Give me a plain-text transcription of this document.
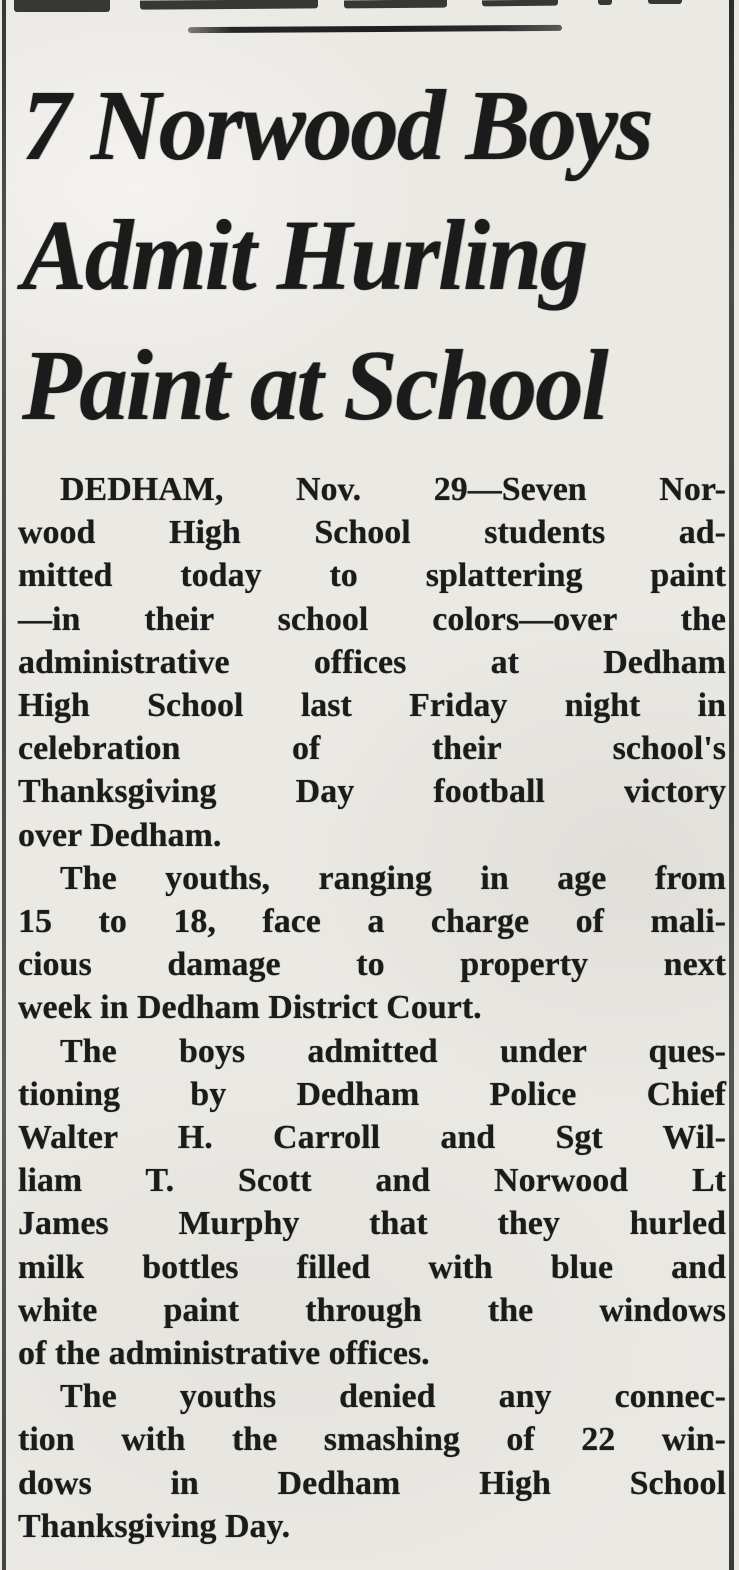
7 Norwood Boys
Admit Hurling
Paint at School
DEDHAM, Nov. 29—Seven Nor-
wood High School students ad-
mitted today to splattering paint
—in their school colors—over the
administrative offices at Dedham
High School last Friday night in
celebration of their school's
Thanksgiving Day football victory
over Dedham.
The youths, ranging in age from
15 to 18, face a charge of mali-
cious damage to property next
week in Dedham District Court.
The boys admitted under ques-
tioning by Dedham Police Chief
Walter H. Carroll and Sgt Wil-
liam T. Scott and Norwood Lt
James Murphy that they hurled
milk bottles filled with blue and
white paint through the windows
of the administrative offices.
The youths denied any connec-
tion with the smashing of 22 win-
dows in Dedham High School
Thanksgiving Day.
